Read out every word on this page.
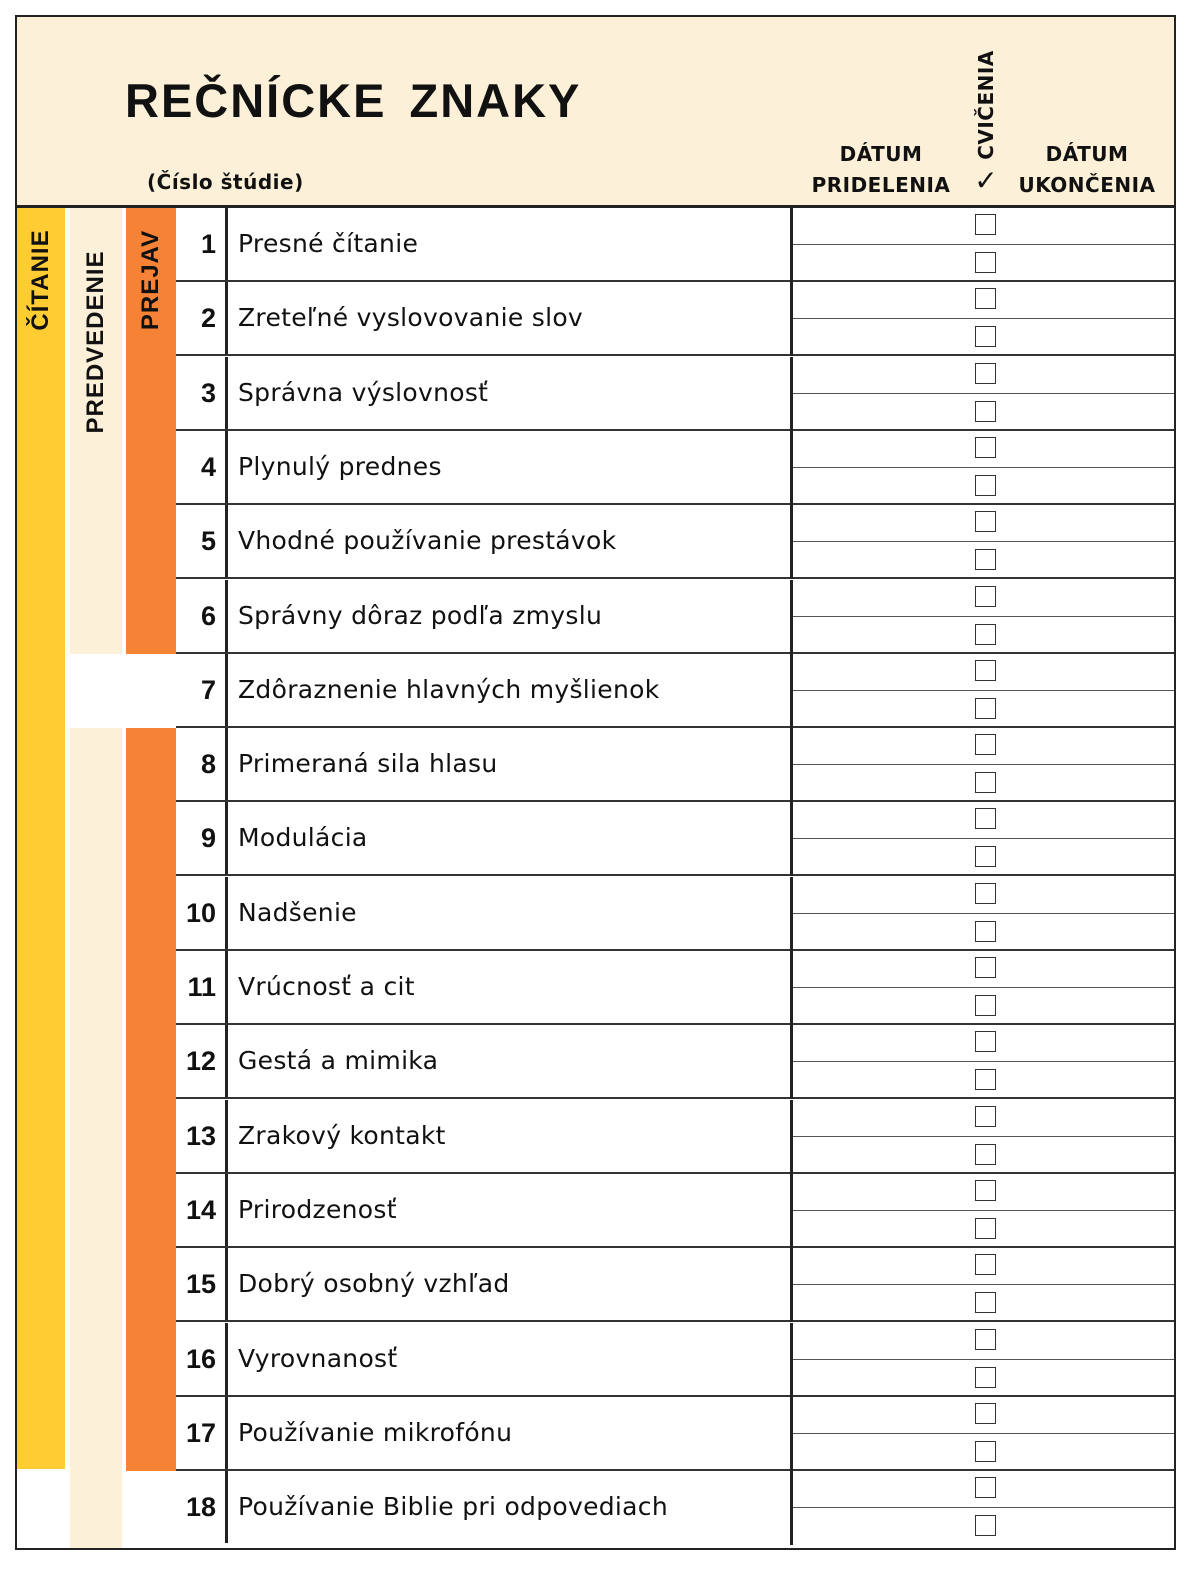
REČNÍCKE ZNAKY
(Číslo štúdie)
DÁTUM
PRIDELENIA
CVIČENIA
✓
DÁTUM
UKONČENIA
ČÍTANIE PREDVEDENIE PREJAV	1 Presné čítanie
2 Zreteľné vyslovovanie slov
3 Správna výslovnosť
4 Plynulý prednes
5 Vhodné používanie prestávok
6 Správny dôraz podľa zmyslu
7 Zdôraznenie hlavných myšlienok
8 Primeraná sila hlasu
9 Modulácia
10 Nadšenie
11 Vrúcnosť a cit
12 Gestá a mimika
13 Zrakový kontakt
14 Prirodzenosť
15 Dobrý osobný vzhľad
16 Vyrovnanosť
17 Používanie mikrofónu
18 Používanie Biblie pri odpovediach
